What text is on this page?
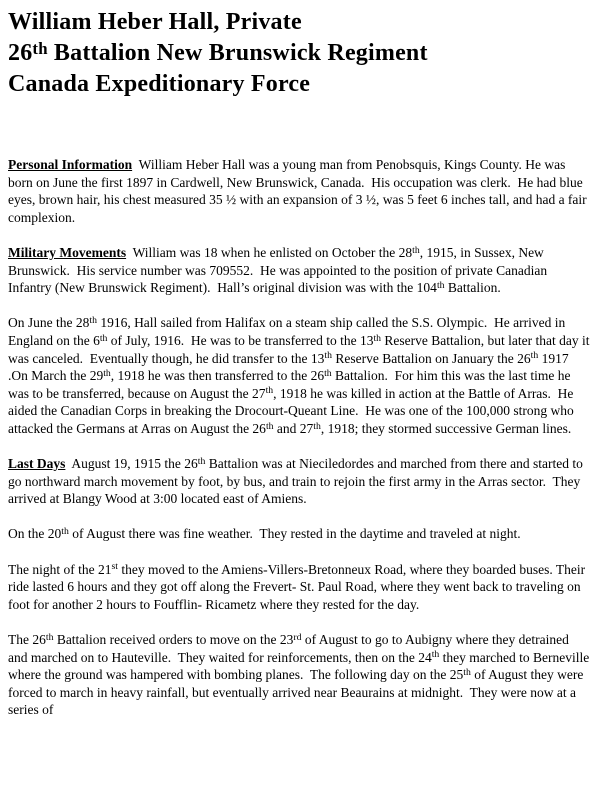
William Heber Hall, Private
26th Battalion New Brunswick Regiment
Canada Expeditionary Force

Personal Information  William Heber Hall was a young man from Penobsquis, Kings County. He was born on June the first 1897 in Cardwell, New Brunswick, Canada.  His occupation was clerk.  He had blue eyes, brown hair, his chest measured 35 ½ with an expansion of 3 ½, was 5 feet 6 inches tall, and had a fair complexion.

Military Movements  William was 18 when he enlisted on October the 28th, 1915, in Sussex, New Brunswick.  His service number was 709552.  He was appointed to the position of private Canadian Infantry (New Brunswick Regiment).  Hall’s original division was with the 104th Battalion.

On June the 28th 1916, Hall sailed from Halifax on a steam ship called the S.S. Olympic.  He arrived in England on the 6th of July, 1916.  He was to be transferred to the 13th Reserve Battalion, but later that day it was canceled.  Eventually though, he did transfer to the 13th Reserve Battalion on January the 26th 1917 .On March the 29th, 1918 he was then transferred to the 26th Battalion.  For him this was the last time he was to be transferred, because on August the 27th, 1918 he was killed in action at the Battle of Arras.  He aided the Canadian Corps in breaking the Drocourt-Queant Line.  He was one of the 100,000 strong who attacked the Germans at Arras on August the 26th and 27th, 1918; they stormed successive German lines.

Last Days  August 19, 1915 the 26th Battalion was at Nieciledordes and marched from there and started to go northward march movement by foot, by bus, and train to rejoin the first army in the Arras sector.  They arrived at Blangy Wood at 3:00 located east of Amiens.

On the 20th of August there was fine weather.  They rested in the daytime and traveled at night.

The night of the 21st they moved to the Amiens-Villers-Bretonneux Road, where they boarded buses. Their ride lasted 6 hours and they got off along the Frevert- St. Paul Road, where they went back to traveling on foot for another 2 hours to Foufflin- Ricametz where they rested for the day.

The 26th Battalion received orders to move on the 23rd of August to go to Aubigny where they detrained and marched on to Hauteville.  They waited for reinforcements, then on the 24th they marched to Berneville where the ground was hampered with bombing planes.  The following day on the 25th of August they were forced to march in heavy rainfall, but eventually arrived near Beaurains at midnight.  They were now at a series of
